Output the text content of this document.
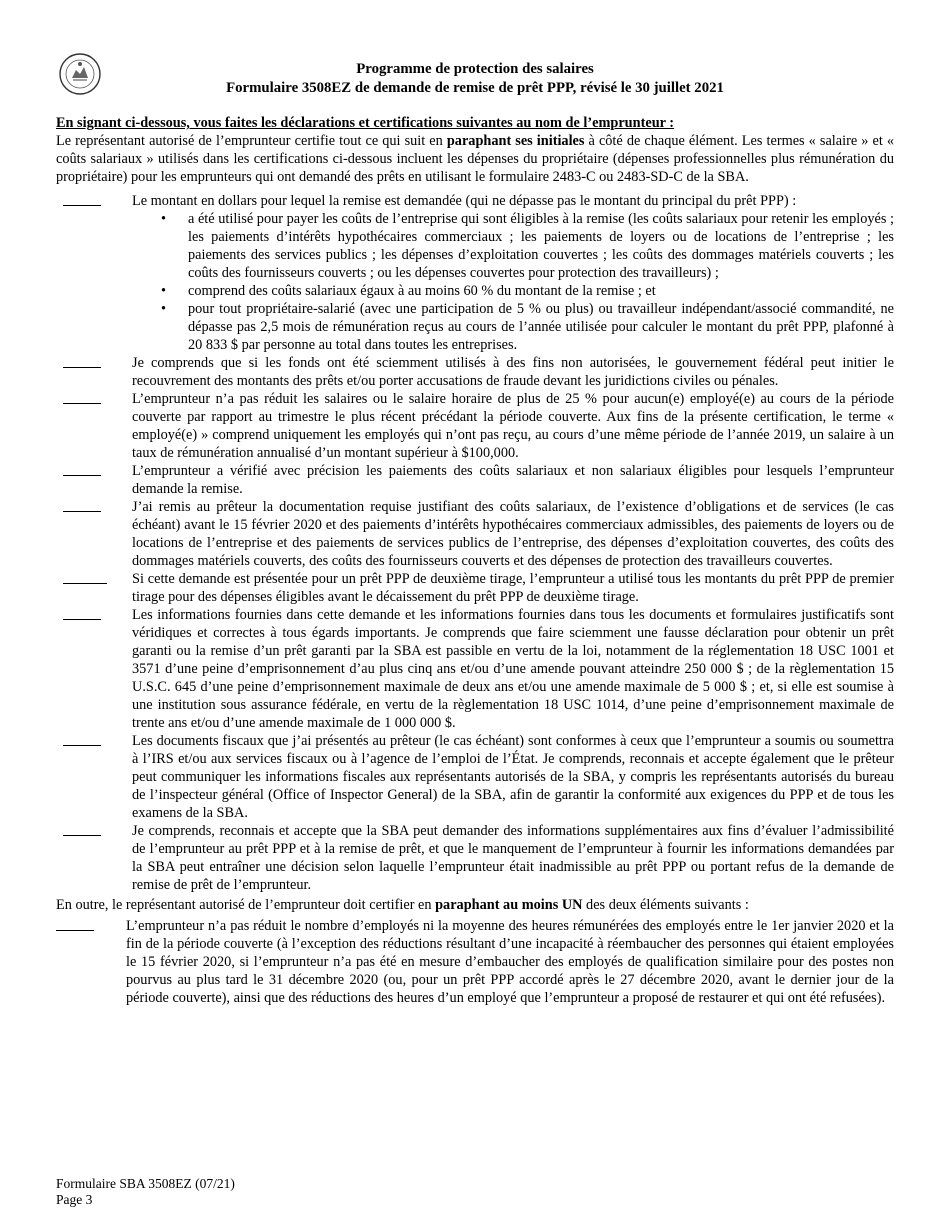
Programme de protection des salaires
Formulaire 3508EZ de demande de remise de prêt PPP, révisé le 30 juillet 2021

En signant ci-dessous, vous faites les déclarations et certifications suivantes au nom de l’emprunteur :

Le représentant autorisé de l’emprunteur certifie tout ce qui suit en paraphant ses initiales à côté de chaque élément. Les termes « salaire » et « coûts salariaux » utilisés dans les certifications ci-dessous incluent les dépenses du propriétaire (dépenses professionnelles plus rémunération du propriétaire) pour les emprunteurs qui ont demandé des prêts en utilisant le formulaire 2483-C ou 2483-SD-C de la SBA.

Le montant en dollars pour lequel la remise est demandée (qui ne dépasse pas le montant du principal du prêt PPP) :
• a été utilisé pour payer les coûts de l’entreprise qui sont éligibles à la remise (les coûts salariaux pour retenir les employés ; les paiements d’intérêts hypothécaires commerciaux ; les paiements de loyers ou de locations de l’entreprise ; les paiements des services publics ; les dépenses d’exploitation couvertes ; les coûts des dommages matériels couverts ; les coûts des fournisseurs couverts ; ou les dépenses couvertes pour protection des travailleurs) ;
• comprend des coûts salariaux égaux à au moins 60 % du montant de la remise ; et
• pour tout propriétaire-salarié (avec une participation de 5 % ou plus) ou travailleur indépendant/associé commandité, ne dépasse pas 2,5 mois de rémunération reçus au cours de l’année utilisée pour calculer le montant du prêt PPP, plafonné à 20 833 $ par personne au total dans toutes les entreprises.
Je comprends que si les fonds ont été sciemment utilisés à des fins non autorisées, le gouvernement fédéral peut initier le recouvrement des montants des prêts et/ou porter accusations de fraude devant les juridictions civiles ou pénales.
L’emprunteur n’a pas réduit les salaires ou le salaire horaire de plus de 25 % pour aucun(e) employé(e) au cours de la période couverte par rapport au trimestre le plus récent précédant la période couverte. Aux fins de la présente certification, le terme « employé(e) » comprend uniquement les employés qui n’ont pas reçu, au cours d’une même période de l’année 2019, un salaire à un taux de rémunération annualisé d’un montant supérieur à $100,000.
L’emprunteur a vérifié avec précision les paiements des coûts salariaux et non salariaux éligibles pour lesquels l’emprunteur demande la remise.
J’ai remis au prêteur la documentation requise justifiant des coûts salariaux, de l’existence d’obligations et de services (le cas échéant) avant le 15 février 2020 et des paiements d’intérêts hypothécaires commerciaux admissibles, des paiements de loyers ou de locations de l’entreprise et des paiements de services publics de l’entreprise, des dépenses d’exploitation couvertes, des coûts des dommages matériels couverts, des coûts des fournisseurs couverts et des dépenses de protection des travailleurs couvertes.
Si cette demande est présentée pour un prêt PPP de deuxième tirage, l’emprunteur a utilisé tous les montants du prêt PPP de premier tirage pour des dépenses éligibles avant le décaissement du prêt PPP de deuxième tirage.
Les informations fournies dans cette demande et les informations fournies dans tous les documents et formulaires justificatifs sont véridiques et correctes à tous égards importants. Je comprends que faire sciemment une fausse déclaration pour obtenir un prêt garanti ou la remise d’un prêt garanti par la SBA est passible en vertu de la loi, notamment de la réglementation 18 USC 1001 et 3571 d’une peine d’emprisonnement d’au plus cinq ans et/ou d’une amende pouvant atteindre 250 000 $ ; de la règlementation 15 U.S.C. 645 d’une peine d’emprisonnement maximale de deux ans et/ou une amende maximale de 5 000 $ ; et, si elle est soumise à une institution sous assurance fédérale, en vertu de la règlementation 18 USC 1014, d’une peine d’emprisonnement maximale de trente ans et/ou d’une amende maximale de 1 000 000 $.
Les documents fiscaux que j’ai présentés au prêteur (le cas échéant) sont conformes à ceux que l’emprunteur a soumis ou soumettra à l’IRS et/ou aux services fiscaux ou à l’agence de l’emploi de l’État. Je comprends, reconnais et accepte également que le prêteur peut communiquer les informations fiscales aux représentants autorisés de la SBA, y compris les représentants autorisés du bureau de l’inspecteur général (Office of Inspector General) de la SBA, afin de garantir la conformité aux exigences du PPP et de tous les examens de la SBA.
Je comprends, reconnais et accepte que la SBA peut demander des informations supplémentaires aux fins d’évaluer l’admissibilité de l’emprunteur au prêt PPP et à la remise de prêt, et que le manquement de l’emprunteur à fournir les informations demandées par la SBA peut entraîner une décision selon laquelle l’emprunteur était inadmissible au prêt PPP ou portant refus de la demande de remise de prêt de l’emprunteur.

En outre, le représentant autorisé de l’emprunteur doit certifier en paraphant au moins UN des deux éléments suivants :

L’emprunteur n’a pas réduit le nombre d’employés ni la moyenne des heures rémunérées des employés entre le 1er janvier 2020 et la fin de la période couverte (à l’exception des réductions résultant d’une incapacité à réembaucher des personnes qui étaient employées le 15 février 2020, si l’emprunteur n’a pas été en mesure d’embaucher des employés de qualification similaire pour des postes non pourvus au plus tard le 31 décembre 2020 (ou, pour un prêt PPP accordé après le 27 décembre 2020, avant le dernier jour de la période couverte), ainsi que des réductions des heures d’un employé que l’emprunteur a proposé de restaurer et qui ont été refusées).
Formulaire SBA 3508EZ (07/21)
Page 3
